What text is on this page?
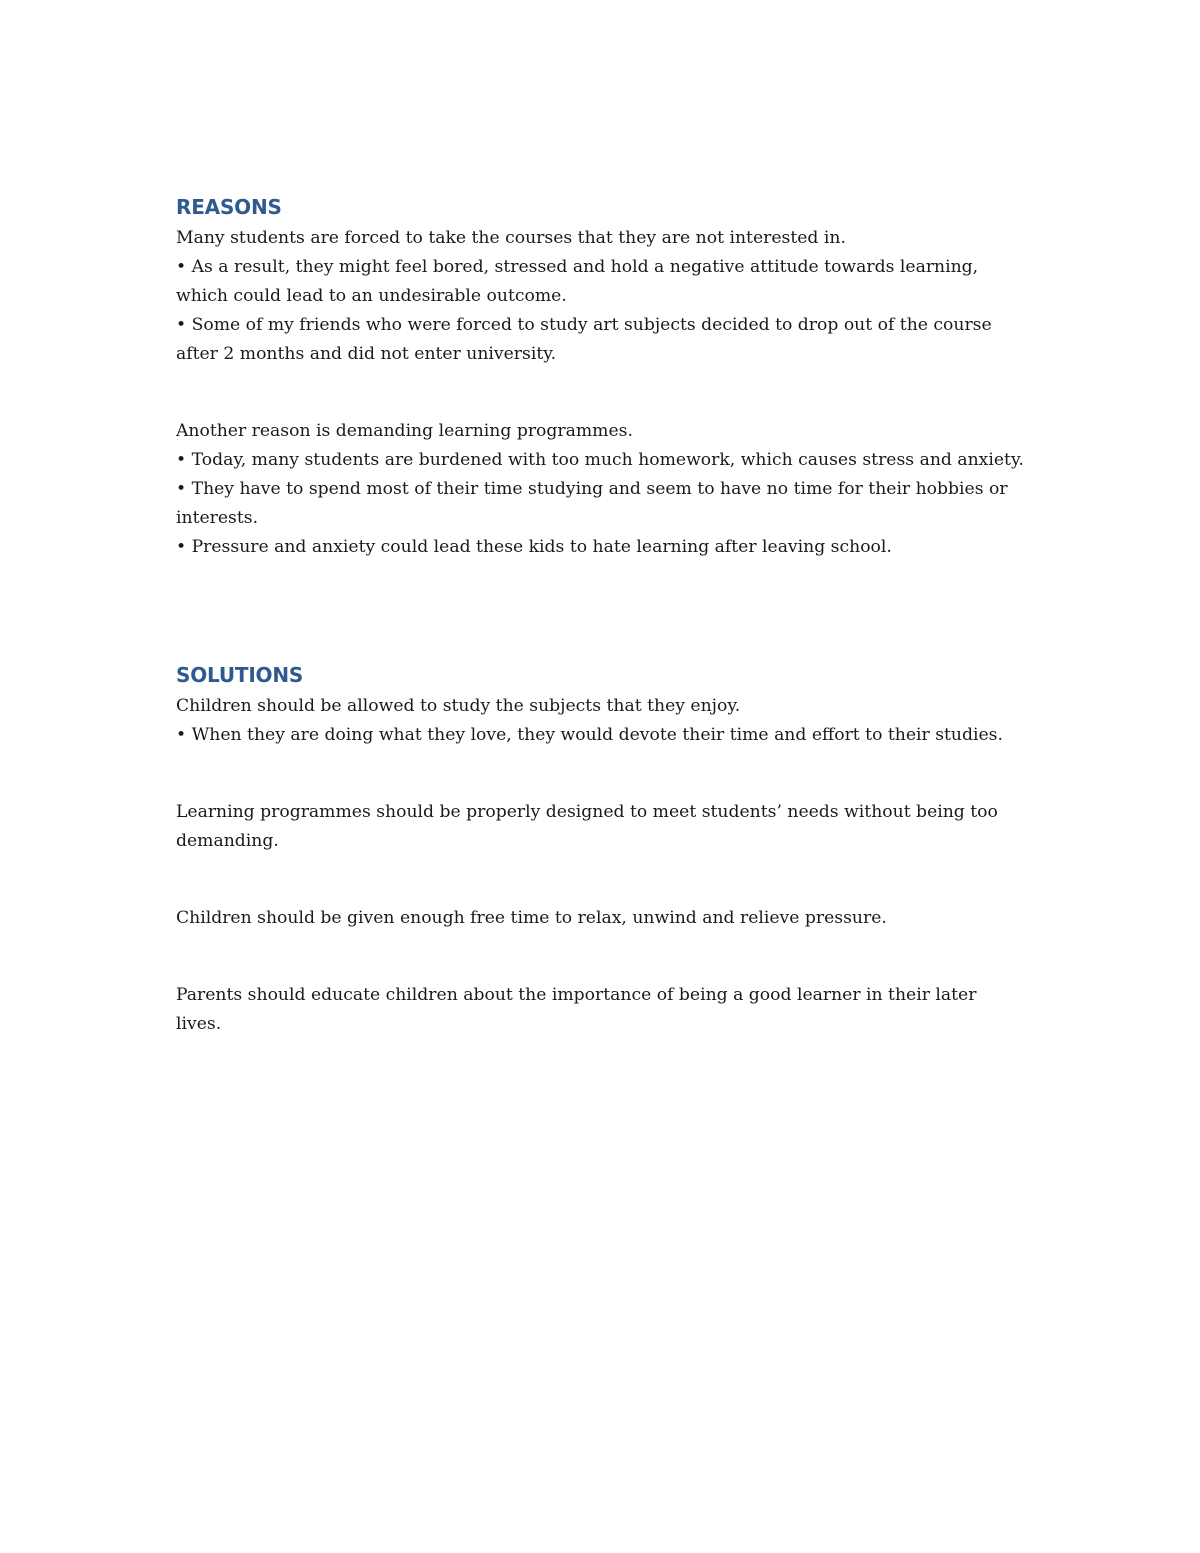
REASONS

Many students are forced to take the courses that they are not interested in.

• As a result, they might feel bored, stressed and hold a negative attitude towards learning, which could lead to an undesirable outcome.

• Some of my friends who were forced to study art subjects decided to drop out of the course after 2 months and did not enter university.

Another reason is demanding learning programmes.

• Today, many students are burdened with too much homework, which causes stress and anxiety.

• They have to spend most of their time studying and seem to have no time for their hobbies or interests.

• Pressure and anxiety could lead these kids to hate learning after leaving school.

SOLUTIONS

Children should be allowed to study the subjects that they enjoy.

• When they are doing what they love, they would devote their time and effort to their studies.

Learning programmes should be properly designed to meet students’ needs without being too demanding.

Children should be given enough free time to relax, unwind and relieve pressure.

Parents should educate children about the importance of being a good learner in their later lives.
